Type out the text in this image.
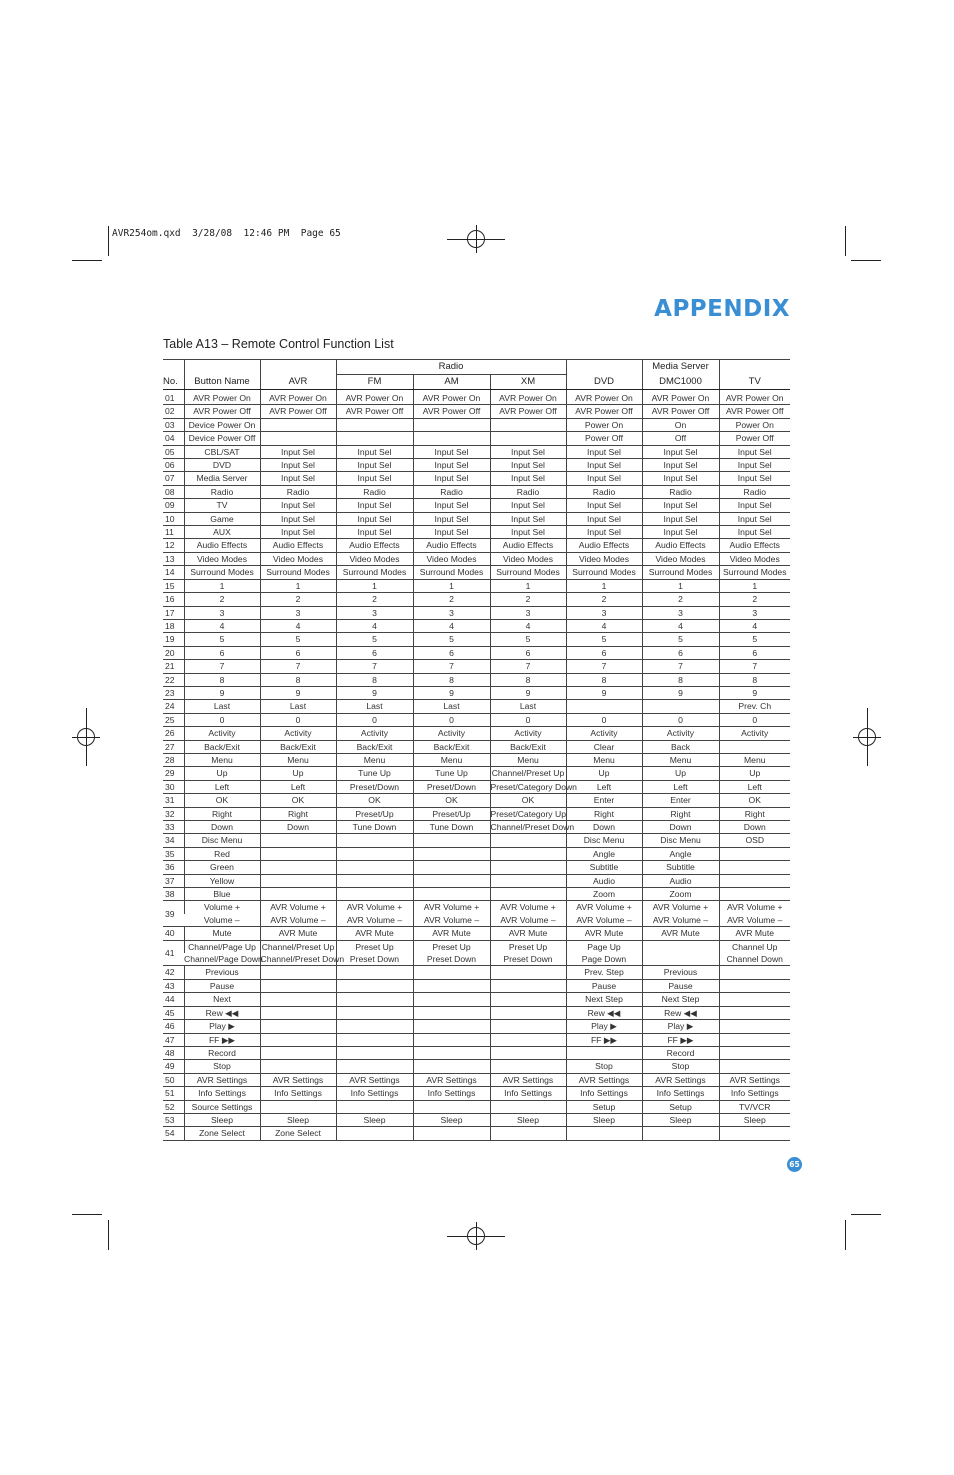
AVR254om.qxd  3/28/08  12:46 PM  Page 65
APPENDIX
Table A13 – Remote Control Function List
			Radio				Media Server	
No.	Button Name	AVR	FM	AM	XM	DVD	DMC1000	TV
01	AVR Power On	AVR Power On	AVR Power On	AVR Power On	AVR Power On	AVR Power On	AVR Power On	AVR Power On
02	AVR Power Off	AVR Power Off	AVR Power Off	AVR Power Off	AVR Power Off	AVR Power Off	AVR Power Off	AVR Power Off
03	Device Power On					Power On	On	Power On
04	Device Power Off					Power Off	Off	Power Off
05	CBL/SAT	Input Sel	Input Sel	Input Sel	Input Sel	Input Sel	Input Sel	Input Sel
06	DVD	Input Sel	Input Sel	Input Sel	Input Sel	Input Sel	Input Sel	Input Sel
07	Media Server	Input Sel	Input Sel	Input Sel	Input Sel	Input Sel	Input Sel	Input Sel
08	Radio	Radio	Radio	Radio	Radio	Radio	Radio	Radio
09	TV	Input Sel	Input Sel	Input Sel	Input Sel	Input Sel	Input Sel	Input Sel
10	Game	Input Sel	Input Sel	Input Sel	Input Sel	Input Sel	Input Sel	Input Sel
11	AUX	Input Sel	Input Sel	Input Sel	Input Sel	Input Sel	Input Sel	Input Sel
12	Audio Effects	Audio Effects	Audio Effects	Audio Effects	Audio Effects	Audio Effects	Audio Effects	Audio Effects
13	Video Modes	Video Modes	Video Modes	Video Modes	Video Modes	Video Modes	Video Modes	Video Modes
14	Surround Modes	Surround Modes	Surround Modes	Surround Modes	Surround Modes	Surround Modes	Surround Modes	Surround Modes
15	1	1	1	1	1	1	1	1
16	2	2	2	2	2	2	2	2
17	3	3	3	3	3	3	3	3
18	4	4	4	4	4	4	4	4
19	5	5	5	5	5	5	5	5
20	6	6	6	6	6	6	6	6
21	7	7	7	7	7	7	7	7
22	8	8	8	8	8	8	8	8
23	9	9	9	9	9	9	9	9
24	Last	Last	Last	Last	Last			Prev. Ch
25	0	0	0	0	0	0	0	0
26	Activity	Activity	Activity	Activity	Activity	Activity	Activity	Activity
27	Back/Exit	Back/Exit	Back/Exit	Back/Exit	Back/Exit	Clear	Back	
28	Menu	Menu	Menu	Menu	Menu	Menu	Menu	Menu
29	Up	Up	Tune Up	Tune Up	Channel/Preset Up	Up	Up	Up
30	Left	Left	Preset/Down	Preset/Down	Preset/Category Down	Left	Left	Left
31	OK	OK	OK	OK	OK	Enter	Enter	OK
32	Right	Right	Preset/Up	Preset/Up	Preset/Category Up	Right	Right	Right
33	Down	Down	Tune Down	Tune Down	Channel/Preset Down	Down	Down	Down
34	Disc Menu					Disc Menu	Disc Menu	OSD
35	Red					Angle	Angle	
36	Green					Subtitle	Subtitle	
37	Yellow					Audio	Audio	
38	Blue					Zoom	Zoom	
39	Volume +	AVR Volume +	AVR Volume +	AVR Volume +	AVR Volume +	AVR Volume +	AVR Volume +	AVR Volume +
	Volume –	AVR Volume –	AVR Volume –	AVR Volume –	AVR Volume –	AVR Volume –	AVR Volume –	AVR Volume –
40	Mute	AVR Mute	AVR Mute	AVR Mute	AVR Mute	AVR Mute	AVR Mute	AVR Mute
41	Channel/Page Up	Channel/Preset Up	Preset Up	Preset Up	Preset Up	Page Up		Channel Up
	Channel/Page Down	Channel/Preset Down	Preset Down	Preset Down	Preset Down	Page Down		Channel Down
42	Previous					Prev. Step	Previous	
43	Pause					Pause	Pause	
44	Next					Next Step	Next Step	
45	Rew ◀◀					Rew ◀◀	Rew ◀◀	
46	Play ▶					Play ▶	Play ▶	
47	FF ▶▶					FF ▶▶	FF ▶▶	
48	Record						Record	
49	Stop					Stop	Stop	
50	AVR Settings	AVR Settings	AVR Settings	AVR Settings	AVR Settings	AVR Settings	AVR Settings	AVR Settings
51	Info Settings	Info Settings	Info Settings	Info Settings	Info Settings	Info Settings	Info Settings	Info Settings
52	Source Settings					Setup	Setup	TV/VCR
53	Sleep	Sleep	Sleep	Sleep	Sleep	Sleep	Sleep	Sleep
54	Zone Select	Zone Select						
65
